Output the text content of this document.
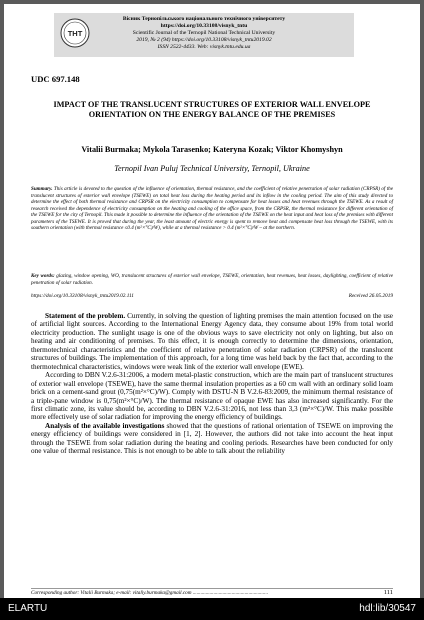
Вісник Тернопільського національного технічного університету
https://doi.org/10.33108/visnyk_tntu
Scientific Journal of the Ternopil National Technical University
2019, № 2 (94) https://doi.org/10.33108/visnyk_tntu2019.02
ISSN 2522-4433. Web: visnyk.tntu.edu.ua
ТНТ
UDC 697.148
IMPACT OF THE TRANSLUCENT STRUCTURES OF EXTERIOR WALL ENVELOPE ORIENTATION ON THE ENERGY BALANCE OF THE PREMISES
Vitalii Burmaka; Mykola Tarasenko; Kateryna Kozak; Viktor Khomyshyn
Ternopil Ivan Puluj Technical University, Ternopil, Ukraine
Summary. This article is devoted to the question of the influence of orientation, thermal resistance, and the coefficient of relative penetration of solar radiation (CRPSR) of the translucent structures of exterior wall envelope (TSEWE) on total heat loss during the heating period and its inflow in the cooling period. The aim of this study directed to determine the effect of both thermal resistance and CRPSR on the electricity consumption to compensate for heat losses and heat revenues through the TSEWE. As a result of research received the dependence of electricity consumption on the heating and cooling of the office space, from the CRPSR, the thermal resistance for different orientation of the TSEWE for the city of Ternopil. This made it possible to determine the influence of the orientation of the TSEWE on the heat input and heat loss of the premises with different parameters of the TSEWE. It is proved that during the year, the least amount of electric energy is spent to remove heat and compensate heat loss through the TSEWE, with its southern orientation (with thermal resistance ≤0.4 (m²×°C)/W), while at a thermal resistance > 0.4 (m²×°C)/W – at the northern.
Key words: glazing, window opening, WO, translucent structures of exterior wall envelope, TSEWE, orientation, heat revenues, heat losses, daylighting, coefficient of relative penetration of solar radiation.
https://doi.org/10.33108/visnyk_tntu2019.02.111	Received 26.05.2019

Statement of the problem. Currently, in solving the question of lighting premises the main attention focused on the use of artificial light sources. According to the International Energy Agency data, they consume about 19% from total world electricity production. The sunlight usage is one of the obvious ways to save electricity not only on lighting, but also on heating and air conditioning of premises. To this effect, it is enough correctly to determine the dimensions, orientation, thermotechnical characteristics and the coefficient of relative penetration of solar radiation (CRPSR) of the translucent structures of buildings. The implementation of this approach, for a long time was held back by the fact that, according to the thermotechnical characteristics, windows were weak link of the exterior wall envelope (EWE).

According to DBN V.2.6-31:2006, a modern metal-plastic construction, which are the main part of translucent structures of exterior wall envelope (TSEWE), have the same thermal insulation properties as a 60 cm wall with an ordinary solid loam brick on a cement-sand grout (0,75(m²×°C)/W). Comply with DSTU-N B V.2.6-83:2009, the minimum thermal resistance of a triple-pane window is 0,75(m²×°C)/W). The thermal resistance of opaque EWE has also increased significantly. For the first climatic zone, its value should be, according to DBN V.2.6-31:2016, not less than 3,3 (m²×°C)/W. This make possible more effectively use of solar radiation for improving the energy efficiency of buildings.

Analysis of the available investigations showed that the questions of rational orientation of TSEWE on improving the energy efficiency of buildings were considered in [1, 2]. However, the authors did not take into account the heat input through the TSEWE from solar radiation during the heating and cooling periods. Researches have been conducted for only one value of thermal resistance. This is not enough to be able to talk about the reliability

Corresponding author: Vitalii Burmaka; e-mail: vitaliy.burmaka@gmail.com ..........................................................	111
ELARTU	hdl:lib/30547
